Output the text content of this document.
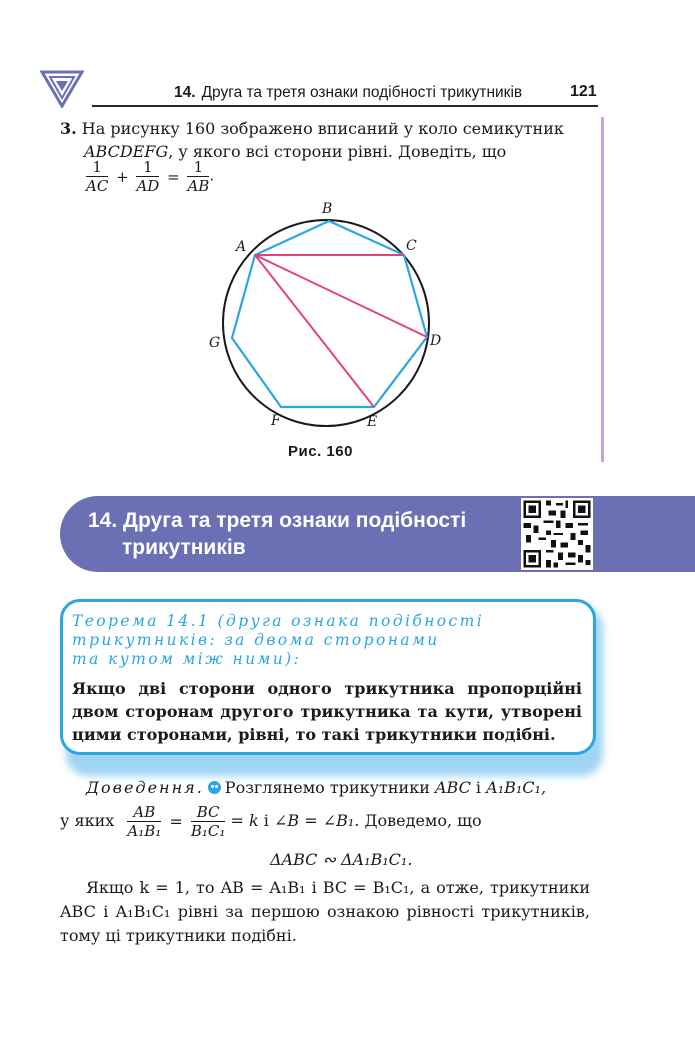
14. Друга та третя ознаки подібності трикутників	121
3. На рисунку 160 зображено вписаний у коло семикутник
ABCDEFG, у якого всі сторони рівні. Доведіть, що
$\frac{1}{AC} + \frac{1}{AD} = \frac{1}{AB}$ .
B
C
D
E
F
G
A
Рис. 160
14. Друга та третя ознаки подібності
трикутників
Теорема 14.1 (друга ознака подібності
трикутників: за двома сторонами
та кутом між ними):
Якщо дві сторони одного трикутника пропорційні двом сторонам другого трикутника та кути, утворені цими сторонами, рівні, то такі трикутники подібні.
Доведення. Розглянемо трикутники ABC і A₁B₁C₁,
у яких $\frac{AB}{\text{A₁B₁}} = \frac{BC}{\text{B₁C₁}} = k$ і ∠B = ∠B₁. Доведемо, що
ΔABC ∾ ΔA₁B₁C₁.
Якщо k = 1, то AB = A₁B₁ і BC = B₁C₁, а отже, трикутники ABC і A₁B₁C₁ рівні за першою ознакою рівності трикутників, тому ці трикутники подібні.
